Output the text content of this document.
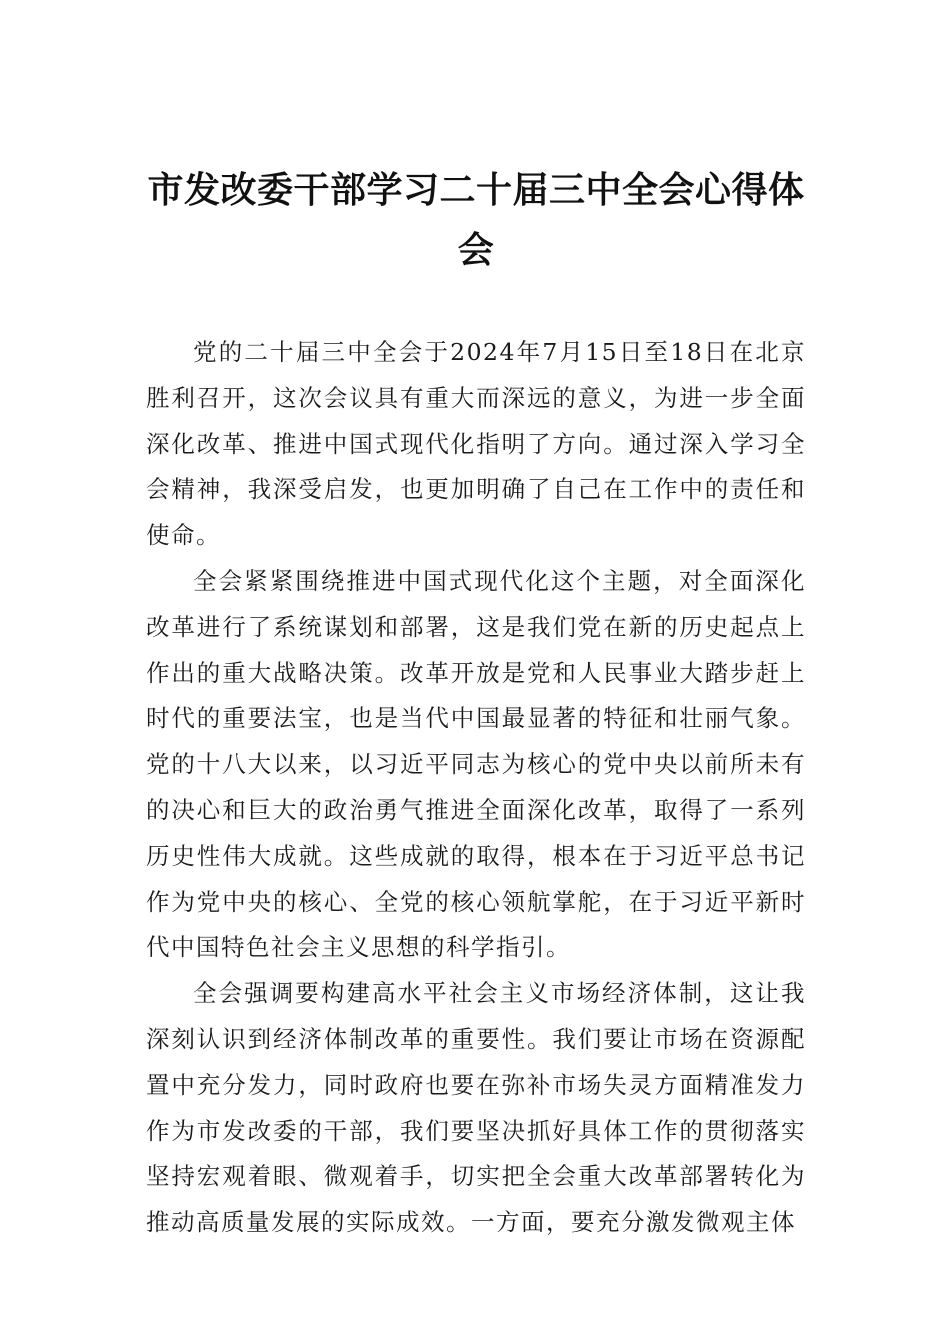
市发改委干部学习二十届三中全会心得体会

党的二十届三中全会于2024年7月15日至18日在北京胜利召开，这次会议具有重大而深远的意义，为进一步全面深化改革、推进中国式现代化指明了方向。通过深入学习全会精神，我深受启发，也更加明确了自己在工作中的责任和使命。

全会紧紧围绕推进中国式现代化这个主题，对全面深化改革进行了系统谋划和部署，这是我们党在新的历史起点上作出的重大战略决策。改革开放是党和人民事业大踏步赶上时代的重要法宝，也是当代中国最显著的特征和壮丽气象。党的十八大以来，以习近平同志为核心的党中央以前所未有的决心和巨大的政治勇气推进全面深化改革，取得了一系列历史性伟大成就。这些成就的取得，根本在于习近平总书记作为党中央的核心、全党的核心领航掌舵，在于习近平新时代中国特色社会主义思想的科学指引。

全会强调要构建高水平社会主义市场经济体制，这让我深刻认识到经济体制改革的重要性。我们要让市场在资源配置中充分发力，同时政府也要在弥补市场失灵方面精准发力作为市发改委的干部，我们要坚决抓好具体工作的贯彻落实坚持宏观着眼、微观着手，切实把全会重大改革部署转化为推动高质量发展的实际成效。一方面，要充分激发微观主体
